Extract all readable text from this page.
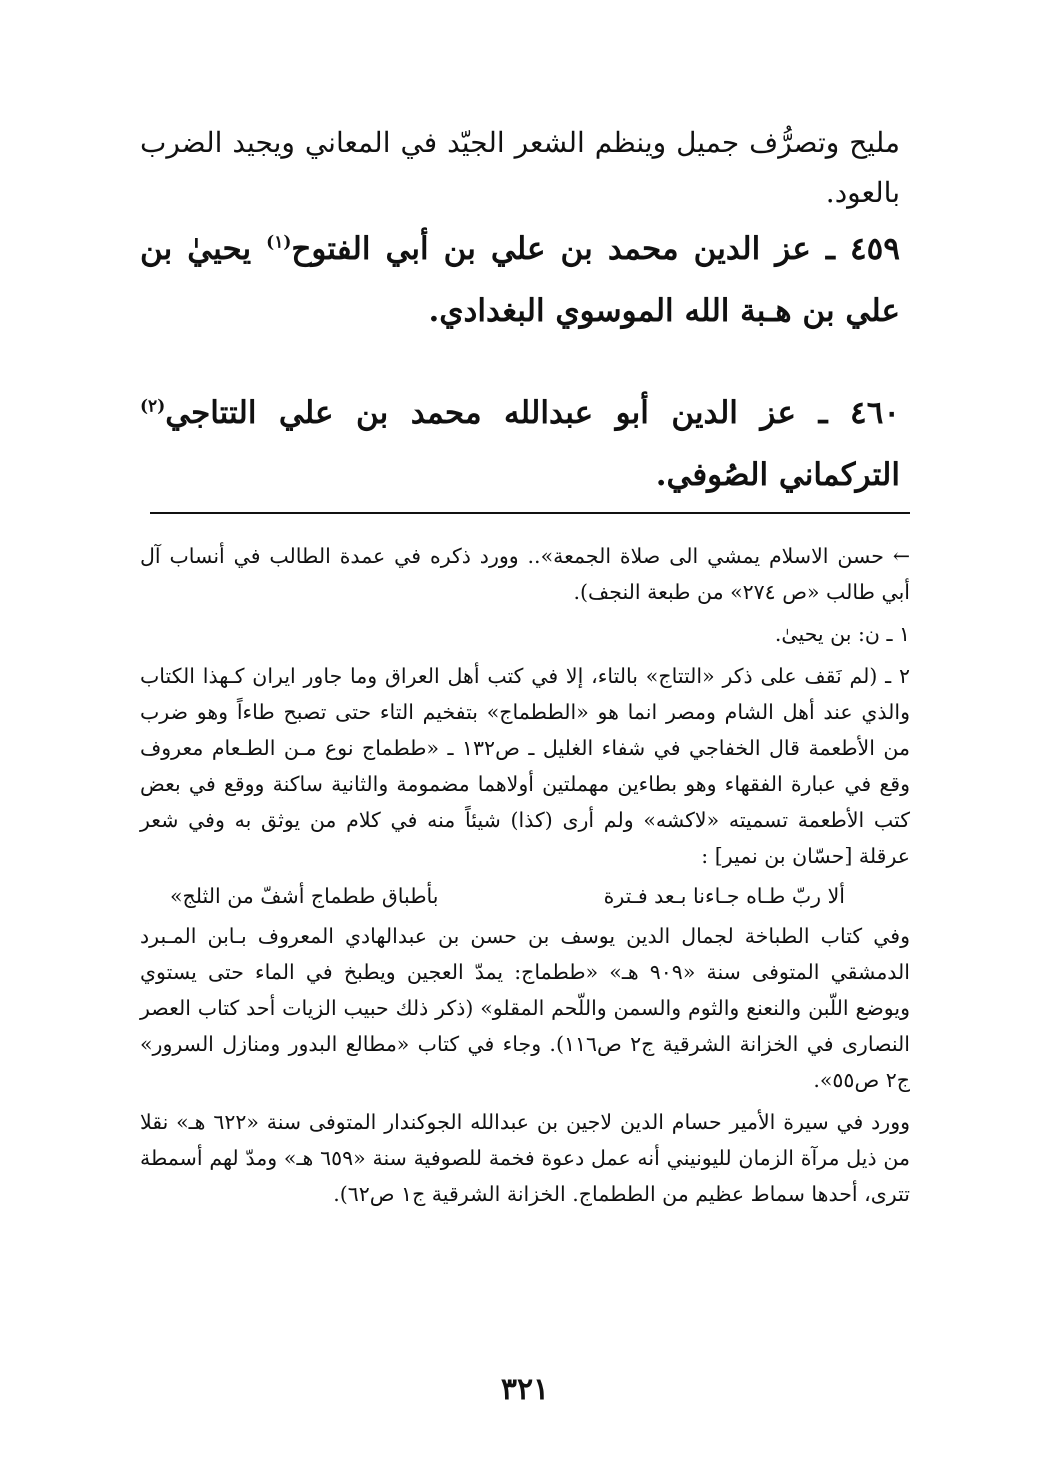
مليح وتصرُّف جميل وينظم الشعر الجيّد في المعاني ويجيد الضرب بالعود.
٤٥٩ ـ عز الدين محمد بن علي بن أبي الفتوح$^{(١)}$ يحييٰ بن علي بن هـبة الله الموسوي البغدادي.
٤٦٠ ـ عز الدين أبو عبدالله محمد بن علي التتاجي$^{(٢)}$ التركماني الصُوفي.

← حسن الاسلام يمشي الى صلاة الجمعة».. وورد ذكره في عمدة الطالب في أنساب آل أبي طالب «ص ٢٧٤» من طبعة النجف).

١ ـ ن: بن يحيىٰ.

٢ ـ (لم نَقف على ذكر «التتاج» بالتاء، إلا في كتب أهل العراق وما جاور ايران كـهذا الكتاب والذي عند أهل الشام ومصر انما هو «الططماج» بتفخيم التاء حتى تصبح طاءاً وهو ضرب من الأطعمة قال الخفاجي في شفاء الغليل ـ ص١٣٢ ـ «ططماج نوع مـن الطـعام معروف وقع في عبارة الفقهاء وهو بطاءين مهملتين أولاهما مضمومة والثانية ساكنة ووقع في بعض كتب الأطعمة تسميته «لاكشه» ولم أرى (كذا) شيئاً منه في كلام من يوثق به وفي شعر عرقلة [حسّان بن نمير] :

ألا ربّ طـاه جـاءنا بـعد فـترة
بأطباق ططماج أشفّ من الثلج»

وفي كتاب الطباخة لجمال الدين يوسف بن حسن بن عبدالهادي المعروف بـابن المـبرد الدمشقي المتوفى سنة «٩٠٩ هـ» «ططماج: يمدّ العجين ويطبخ في الماء حتى يستوي ويوضع اللّبن والنعنع والثوم والسمن واللّحم المقلو» (ذكر ذلك حبيب الزيات أحد كتاب العصر النصارى في الخزانة الشرقية ج٢ ص١١٦). وجاء في كتاب «مطالع البدور ومنازل السرور» ج٢ ص٥٥».

وورد في سيرة الأمير حسام الدين لاجين بن عبدالله الجوكندار المتوفى سنة «٦٢٢ هـ» نقلا من ذيل مرآة الزمان لليونيني أنه عمل دعوة فخمة للصوفية سنة «٦٥٩ هـ» ومدّ لهم أسمطة تترى، أحدها سماط عظيم من الططماج. الخزانة الشرقية ج١ ص٦٢).

٣٢١
